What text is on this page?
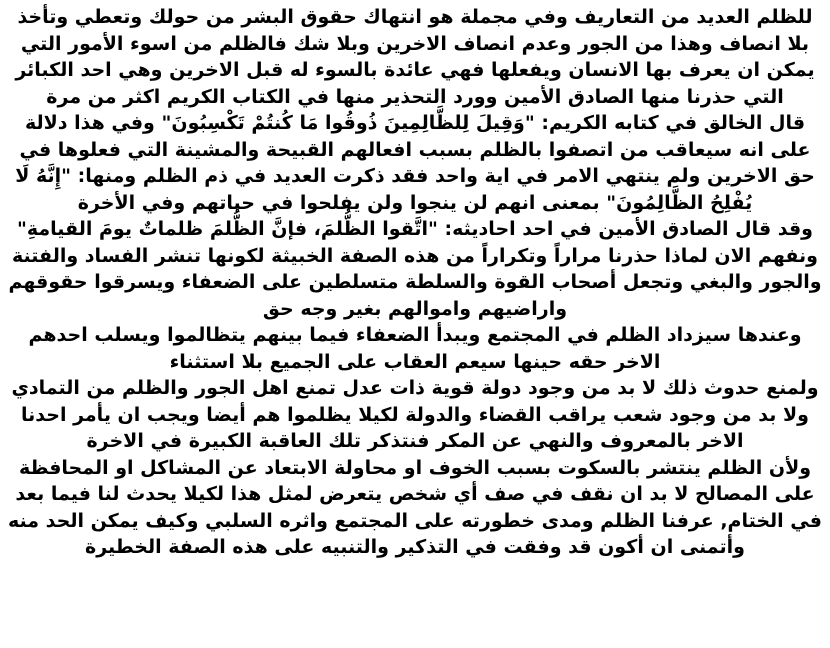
للظلم العديد من التعاريف وفي مجملة هو انتهاك حقوق البشر من حولك وتعطي وتأخذ بلا انصاف وهذا من الجور وعدم انصاف الاخرين وبلا شك فالظلم من اسوء الأمور التي يمكن ان يعرف بها الانسان ويفعلها فهي عائدة بالسوء له قبل الاخرين وهي احد الكبائر التي حذرنا منها الصادق الأمين وورد التحذير منها في الكتاب الكريم اكثر من مرة

قال الخالق في كتابه الكريم: "وَقِيلَ لِلظَّالِمِينَ ذُوقُوا مَا كُنتُمْ تَكْسِبُونَ" وفي هذا دلالة على انه سيعاقب من اتصفوا بالظلم بسبب افعالهم القبيحة والمشينة التي فعلوها في حق الاخرين ولم ينتهي الامر في اية واحد فقد ذكرت العديد في ذم الظلم ومنها: "إِنَّهُ لَا يُفْلِحُ الظَّالِمُونَ" بمعنى انهم لن ينجوا ولن يفلحوا في حياتهم وفي الأخرة

وقد قال الصادق الأمين في احد احاديثه: "اتَّقوا الظُّلمَ، فإنَّ الظُّلمَ ظلماتٌ يومَ القيامةِ" ونفهم الان لماذا حذرنا مراراً وتكراراً من هذه الصفة الخبيثة لكونها تنشر الفساد والفتنة والجور والبغي وتجعل أصحاب القوة والسلطة متسلطين على الضعفاء ويسرقوا حقوقهم واراضيهم واموالهم بغير وجه حق

وعندها سيزداد الظلم في المجتمع ويبدأ الضعفاء فيما بينهم يتظالموا ويسلب احدهم الاخر حقه حينها سيعم العقاب على الجميع بلا استثناء

ولمنع حدوث ذلك لا بد من وجود دولة قوية ذات عدل تمنع اهل الجور والظلم من التمادي ولا بد من وجود شعب يراقب القضاء والدولة لكيلا يظلموا هم أيضا ويجب ان يأمر احدنا الاخر بالمعروف والنهي عن المكر فنتذكر تلك العاقبة الكبيرة في الاخرة

ولأن الظلم ينتشر بالسكوت بسبب الخوف او محاولة الابتعاد عن المشاكل او المحافظة على المصالح لا بد ان نقف في صف أي شخص يتعرض لمثل هذا لكيلا يحدث لنا فيما بعد

في الختام, عرفنا الظلم ومدى خطورته على المجتمع واثره السلبي وكيف يمكن الحد منه وأتمنى ان أكون قد وفقت في التذكير والتنبيه على هذه الصفة الخطيرة
